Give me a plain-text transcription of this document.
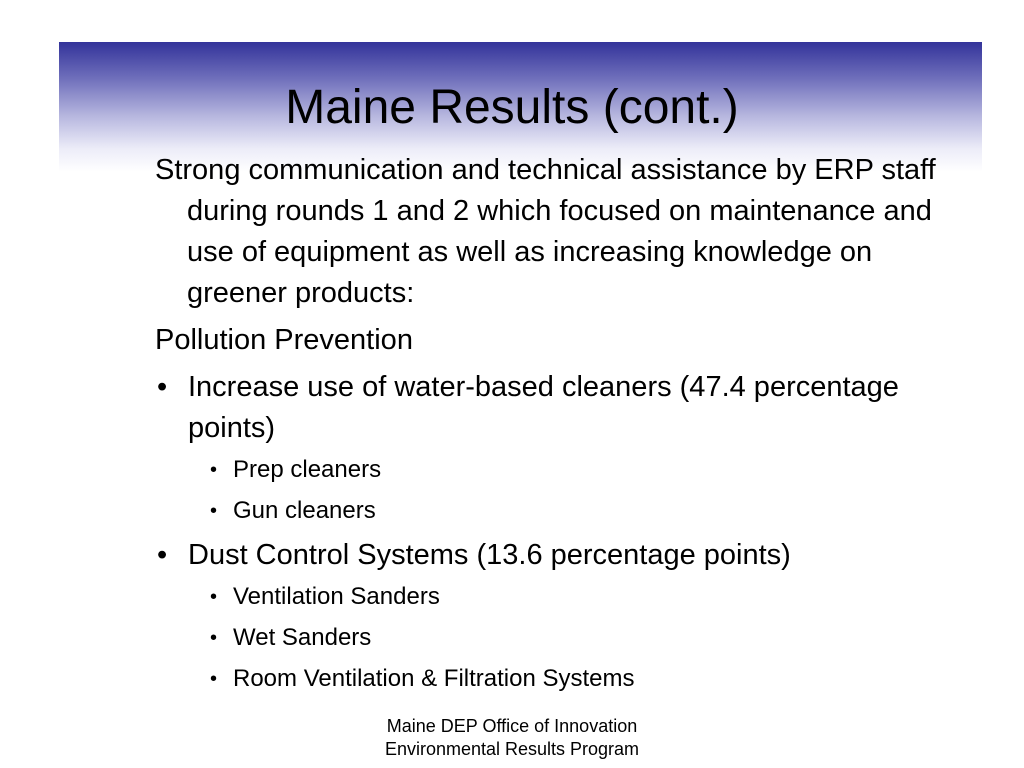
Maine Results (cont.)

Strong communication and technical assistance by ERP staff during rounds 1 and 2 which focused on maintenance and use of equipment as well as increasing knowledge on greener products:

Pollution Prevention

• Increase use of water-based cleaners (47.4 percentage points)
• Prep cleaners
• Gun cleaners
• Dust Control Systems (13.6 percentage points)
• Ventilation Sanders
• Wet Sanders
• Room Ventilation & Filtration Systems
Maine DEP Office of Innovation
Environmental Results Program
